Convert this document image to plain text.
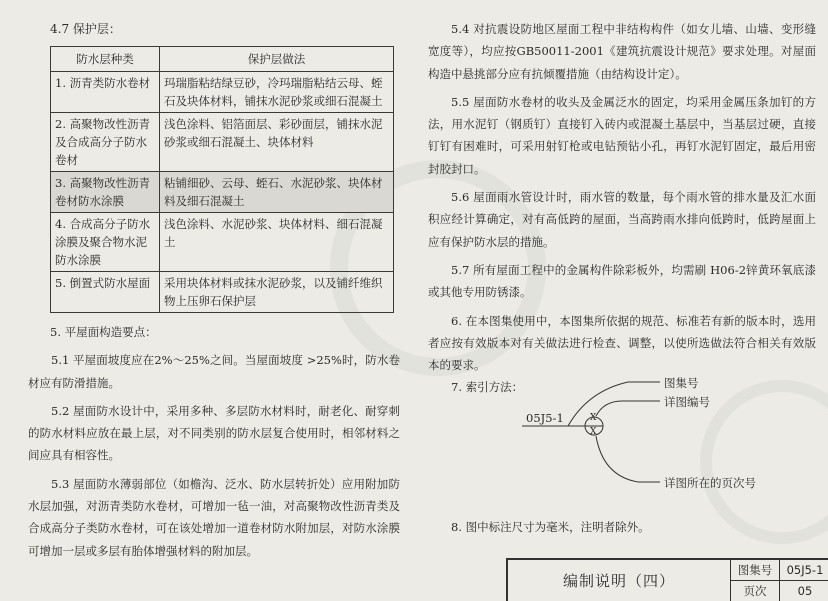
4.7 保护层：

防水层种类	保护层做法
1. 沥青类防水卷材	玛瑞脂粘结绿豆砂，冷玛瑞脂粘结云母、蛭石及块体材料，铺抹水泥砂浆或细石混凝土
2. 高聚物改性沥青及合成高分子防水卷材	浅色涂料、铝箔面层、彩砂面层，铺抹水泥砂浆或细石混凝土、块体材料
3. 高聚物改性沥青卷材防水涂膜	粘铺细砂、云母、蛭石、水泥砂浆、块体材料及细石混凝土
4. 合成高分子防水涂膜及聚合物水泥防水涂膜	浅色涂料、水泥砂浆、块体材料、细石混凝土
5. 倒置式防水屋面	采用块体材料或抹水泥砂浆，以及铺纤维织物上压卵石保护层

5. 平屋面构造要点：

5.1 平屋面坡度应在2%～25%之间。当屋面坡度 >25%时，防水卷材应有防滑措施。

5.2 屋面防水设计中，采用多种、多层防水材料时，耐老化、耐穿刺的防水材料应放在最上层，对不同类别的防水层复合使用时，相邻材料之间应具有相容性。

5.3 屋面防水薄弱部位（如檐沟、泛水、防水层转折处）应用附加防水层加强，对沥青类防水卷材，可增加一毡一油，对高聚物改性沥青类及合成高分子类防水卷材，可在该处增加一道卷材防水附加层，对防水涂膜可增加一层或多层有胎体增强材料的附加层。

5.4 对抗震设防地区屋面工程中非结构构件（如女儿墙、山墙、变形缝宽度等），均应按GB50011-2001《建筑抗震设计规范》要求处理。对屋面构造中悬挑部分应有抗倾覆措施（由结构设计定）。

5.5 屋面防水卷材的收头及金属泛水的固定，均采用金属压条加钉的方法，用水泥钉（钢质钉）直接钉入砖内或混凝土基层中，当基层过硬，直接钉钉有困难时，可采用射钉枪或电钻预钻小孔，再钉水泥钉固定，最后用密封胶封口。

5.6 屋面雨水管设计时，雨水管的数量，每个雨水管的排水量及汇水面积应经计算确定，对有高低跨的屋面，当高跨雨水排向低跨时，低跨屋面上应有保护防水层的措施。

5.7 所有屋面工程中的金属构件除彩板外，均需刷 H06-2锌黄环氧底漆或其他专用防锈漆。

6. 在本图集使用中，本图集所依据的规范、标准若有新的版本时，选用者应按有效版本对有关做法进行检查、调整，以使所选做法符合相关有效版本的要求。

7. 索引方法：	图集号
详图编号
05J5-1	X
X
详图所在的页次号

8. 图中标注尺寸为毫米，注明者除外。

编制说明（四）
图集号	05J5-1
页次	05
